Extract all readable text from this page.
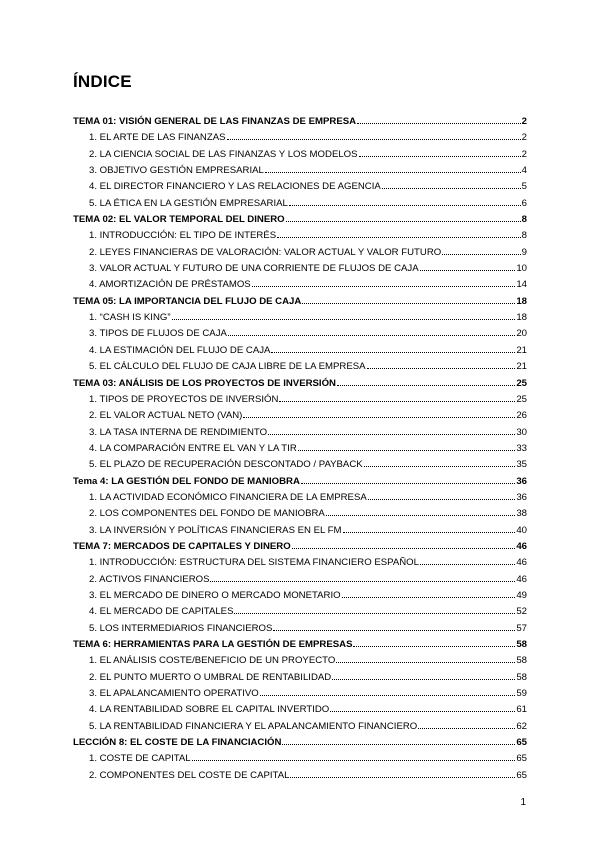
ÍNDICE
TEMA 01: VISIÓN GENERAL DE LAS FINANZAS DE EMPRESA	2
1. EL ARTE DE LAS FINANZAS	2
2. LA CIENCIA SOCIAL DE LAS FINANZAS Y LOS MODELOS	2
3. OBJETIVO GESTIÓN EMPRESARIAL	4
4. EL DIRECTOR FINANCIERO Y LAS RELACIONES DE AGENCIA	5
5. LA ÉTICA EN LA GESTIÓN EMPRESARIAL	6
TEMA 02: EL VALOR TEMPORAL DEL DINERO	8
1. INTRODUCCIÓN: EL TIPO DE INTERÉS	8
2. LEYES FINANCIERAS DE VALORACIÓN: VALOR ACTUAL Y VALOR FUTURO	9
3. VALOR ACTUAL Y FUTURO DE UNA CORRIENTE DE FLUJOS DE CAJA	10
4. AMORTIZACIÓN DE PRÉSTAMOS	14
TEMA 05: LA IMPORTANCIA DEL FLUJO DE CAJA	18
1. “CASH IS KING”	18
3. TIPOS DE FLUJOS DE CAJA	20
4. LA ESTIMACIÓN DEL FLUJO DE CAJA	21
5. EL CÁLCULO DEL FLUJO DE CAJA LIBRE DE LA EMPRESA	21
TEMA 03: ANÁLISIS DE LOS PROYECTOS DE INVERSIÓN	25
1. TIPOS DE PROYECTOS DE INVERSIÓN	25
2. EL VALOR ACTUAL NETO (VAN)	26
3. LA TASA INTERNA DE RENDIMIENTO	30
4. LA COMPARACIÓN ENTRE EL VAN Y LA TIR	33
5. EL PLAZO DE RECUPERACIÓN DESCONTADO / PAYBACK	35
Tema 4: LA GESTIÓN DEL FONDO DE MANIOBRA	36
1. LA ACTIVIDAD ECONÓMICO FINANCIERA DE LA EMPRESA	36
2. LOS COMPONENTES DEL FONDO DE MANIOBRA	38
3. LA INVERSIÓN Y POLÍTICAS FINANCIERAS EN EL FM	40
TEMA 7: MERCADOS DE CAPITALES Y DINERO	46
1. INTRODUCCIÓN: ESTRUCTURA DEL SISTEMA FINANCIERO ESPAÑOL	46
2. ACTIVOS FINANCIEROS	46
3. EL MERCADO DE DINERO O MERCADO MONETARIO	49
4. EL MERCADO DE CAPITALES	52
5. LOS INTERMEDIARIOS FINANCIEROS	57
TEMA 6: HERRAMIENTAS PARA LA GESTIÓN DE EMPRESAS	58
1. EL ANÁLISIS COSTE/BENEFICIO DE UN PROYECTO	58
2. EL PUNTO MUERTO O UMBRAL DE RENTABILIDAD	58
3. EL APALANCAMIENTO OPERATIVO	59
4. LA RENTABILIDAD SOBRE EL CAPITAL INVERTIDO	61
5. LA RENTABILIDAD FINANCIERA Y EL APALANCAMIENTO FINANCIERO	62
LECCIÓN 8: EL COSTE DE LA FINANCIACIÓN	65
1. COSTE DE CAPITAL	65
2. COMPONENTES DEL COSTE DE CAPITAL	65
1
